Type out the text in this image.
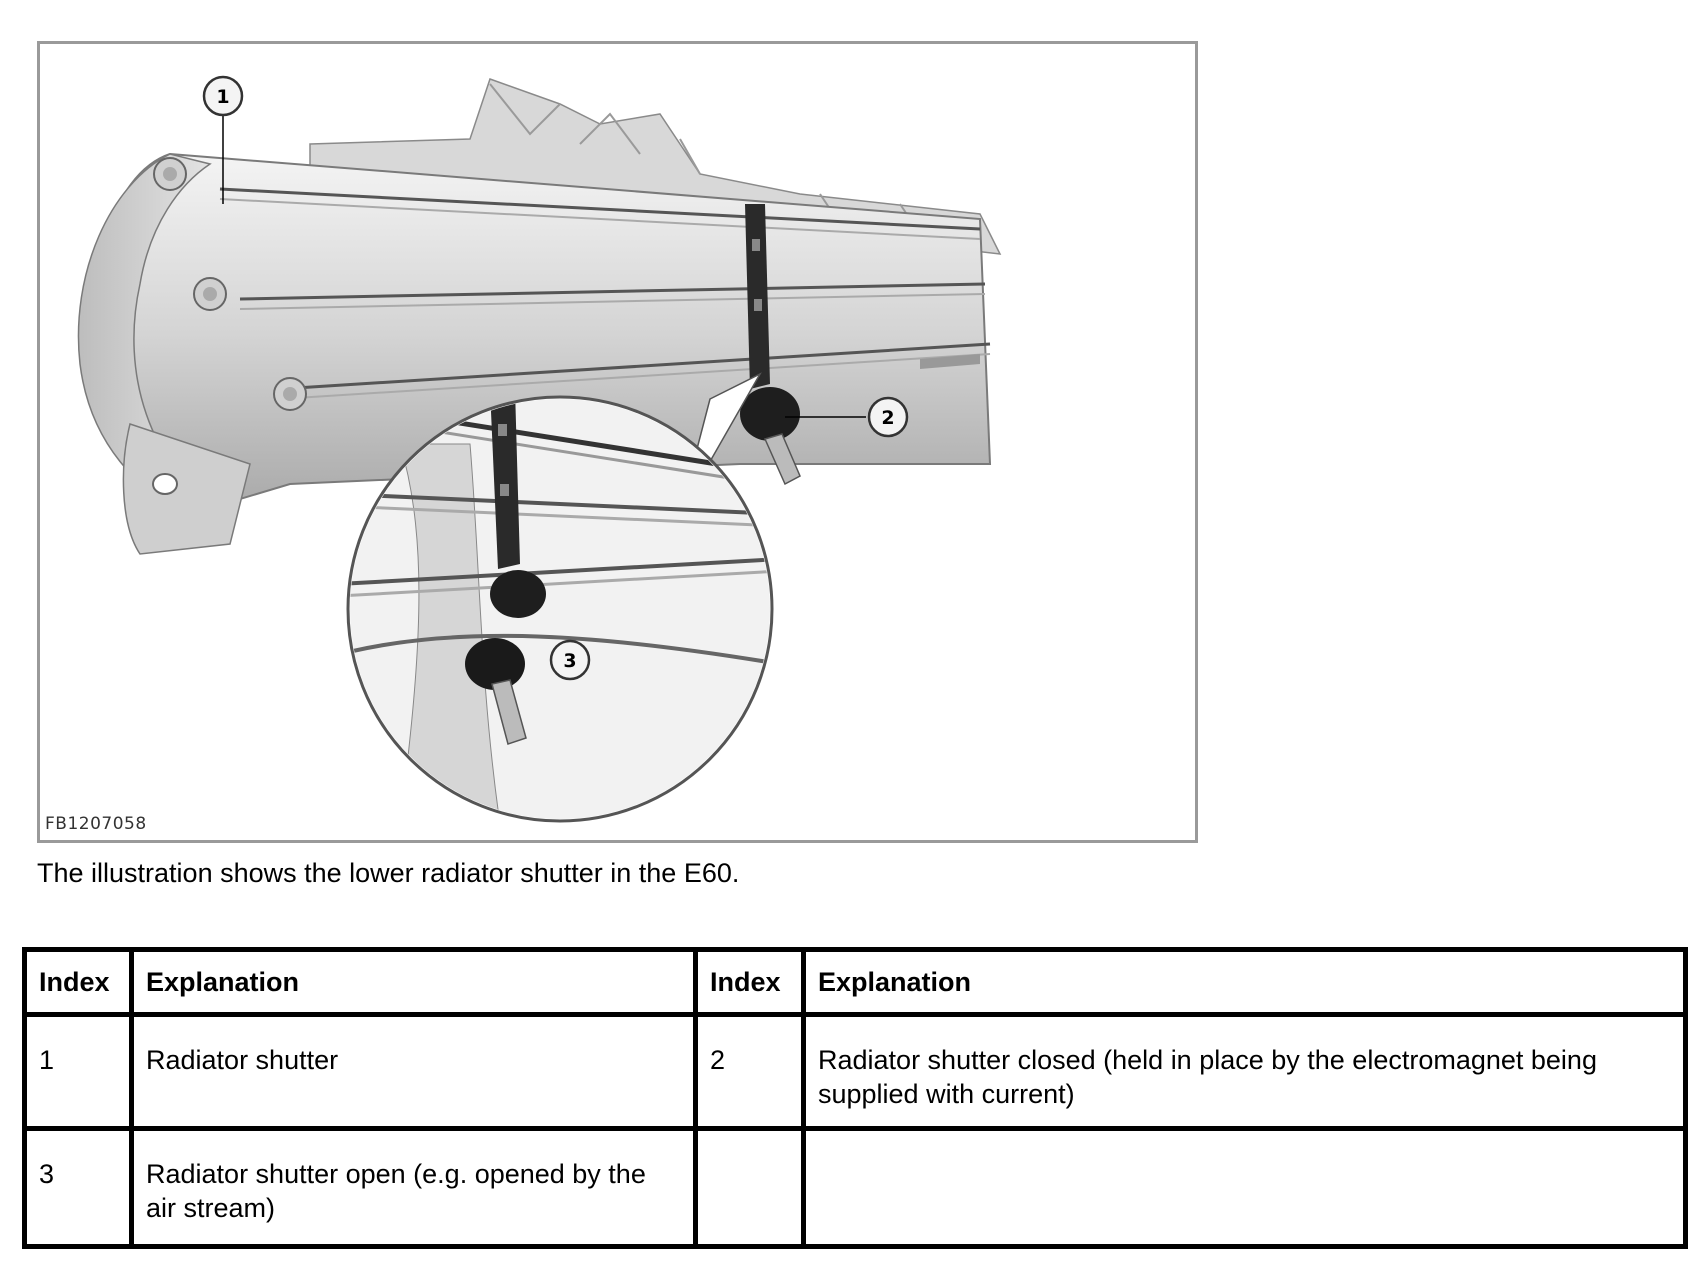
1
2
3
FB1207058
The illustration shows the lower radiator shutter in the E60.
Index	Explanation	Index	Explanation
1	Radiator shutter	2	Radiator shutter closed (held in place by the electromagnet being supplied with current)
3	Radiator shutter open (e.g. opened by the air stream)		
